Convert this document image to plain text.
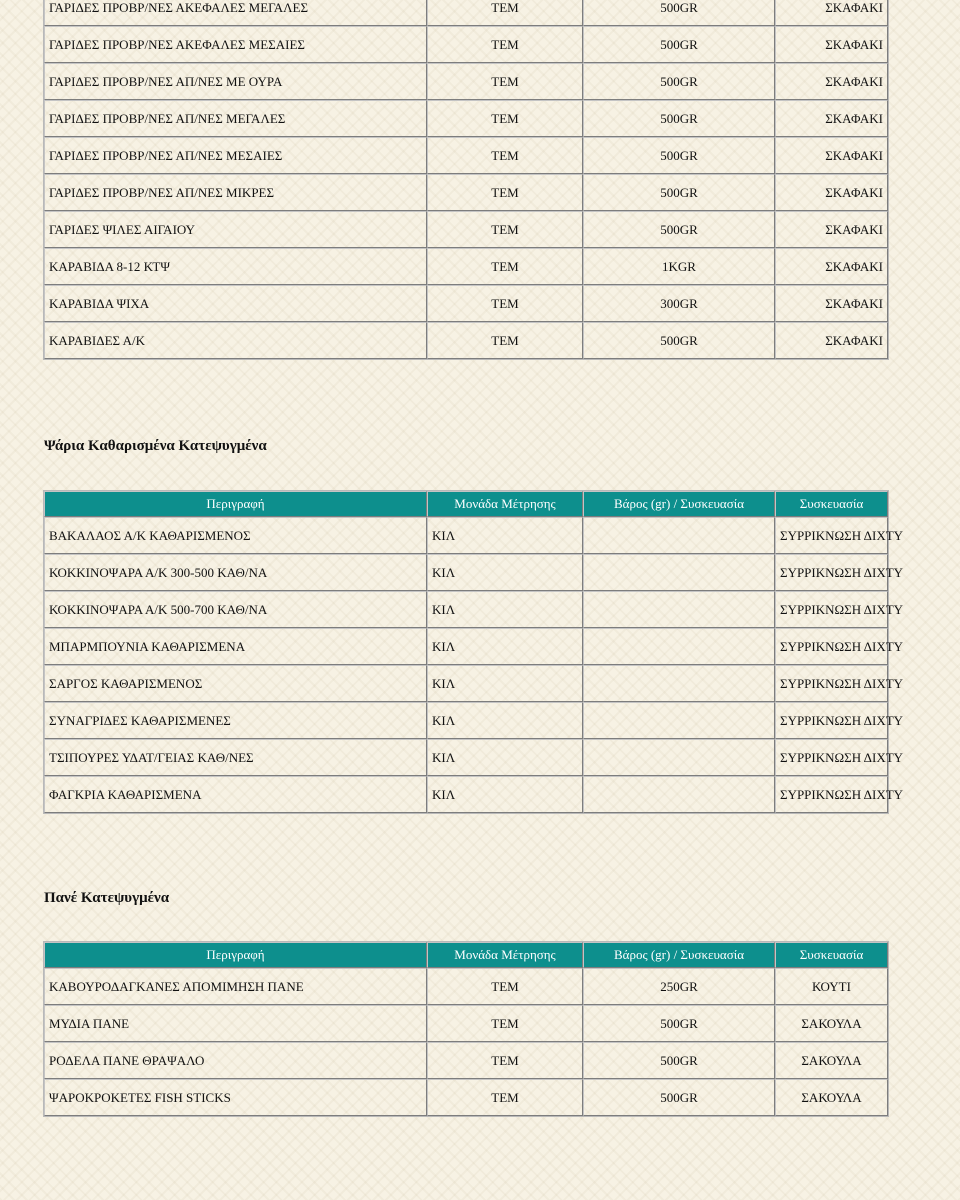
ΓΑΡΙΔΕΣ ΠΡΟΒΡ/ΝΕΣ ΑΚΕΦΑΛΕΣ ΜΕΓΑΛΕΣ	ΤΕΜ	500GR	ΣΚΑΦΑΚΙ
ΓΑΡΙΔΕΣ ΠΡΟΒΡ/ΝΕΣ ΑΚΕΦΑΛΕΣ ΜΕΣΑΙΕΣ	ΤΕΜ	500GR	ΣΚΑΦΑΚΙ
ΓΑΡΙΔΕΣ ΠΡΟΒΡ/ΝΕΣ ΑΠ/ΝΕΣ ΜΕ ΟΥΡΑ	ΤΕΜ	500GR	ΣΚΑΦΑΚΙ
ΓΑΡΙΔΕΣ ΠΡΟΒΡ/ΝΕΣ ΑΠ/ΝΕΣ ΜΕΓΑΛΕΣ	ΤΕΜ	500GR	ΣΚΑΦΑΚΙ
ΓΑΡΙΔΕΣ ΠΡΟΒΡ/ΝΕΣ ΑΠ/ΝΕΣ ΜΕΣΑΙΕΣ	ΤΕΜ	500GR	ΣΚΑΦΑΚΙ
ΓΑΡΙΔΕΣ ΠΡΟΒΡ/ΝΕΣ ΑΠ/ΝΕΣ ΜΙΚΡΕΣ	ΤΕΜ	500GR	ΣΚΑΦΑΚΙ
ΓΑΡΙΔΕΣ ΨΙΛΕΣ ΑΙΓΑΙΟΥ	ΤΕΜ	500GR	ΣΚΑΦΑΚΙ
ΚΑΡΑΒΙΔΑ 8-12 ΚΤΨ	ΤΕΜ	1KGR	ΣΚΑΦΑΚΙ
ΚΑΡΑΒΙΔΑ ΨΙΧΑ	ΤΕΜ	300GR	ΣΚΑΦΑΚΙ
ΚΑΡΑΒΙΔΕΣ Α/Κ	ΤΕΜ	500GR	ΣΚΑΦΑΚΙ
Ψάρια Καθαρισμένα Κατεψυγμένα
Περιγραφή	Μονάδα Μέτρησης	Βάρος (gr) / Συσκευασία	Συσκευασία
ΒΑΚΑΛΑΟΣ Α/Κ ΚΑΘΑΡΙΣΜΕΝΟΣ	ΚΙΛ		ΣΥΡΡΙΚΝΩΣΗ ΔΙΧΤΥ
ΚΟΚΚΙΝΟΨΑΡΑ Α/Κ 300-500 ΚΑΘ/ΝΑ	ΚΙΛ		ΣΥΡΡΙΚΝΩΣΗ ΔΙΧΤΥ
ΚΟΚΚΙΝΟΨΑΡΑ Α/Κ 500-700 ΚΑΘ/ΝΑ	ΚΙΛ		ΣΥΡΡΙΚΝΩΣΗ ΔΙΧΤΥ
ΜΠΑΡΜΠΟΥΝΙΑ ΚΑΘΑΡΙΣΜΕΝΑ	ΚΙΛ		ΣΥΡΡΙΚΝΩΣΗ ΔΙΧΤΥ
ΣΑΡΓΟΣ ΚΑΘΑΡΙΣΜΕΝΟΣ	ΚΙΛ		ΣΥΡΡΙΚΝΩΣΗ ΔΙΧΤΥ
ΣΥΝΑΓΡΙΔΕΣ ΚΑΘΑΡΙΣΜΕΝΕΣ	ΚΙΛ		ΣΥΡΡΙΚΝΩΣΗ ΔΙΧΤΥ
ΤΣΙΠΟΥΡΕΣ ΥΔΑΤ/ΓΕΙΑΣ ΚΑΘ/ΝΕΣ	ΚΙΛ		ΣΥΡΡΙΚΝΩΣΗ ΔΙΧΤΥ
ΦΑΓΚΡΙΑ ΚΑΘΑΡΙΣΜΕΝΑ	ΚΙΛ		ΣΥΡΡΙΚΝΩΣΗ ΔΙΧΤΥ
Πανέ Κατεψυγμένα
Περιγραφή	Μονάδα Μέτρησης	Βάρος (gr) / Συσκευασία	Συσκευασία
ΚΑΒΟΥΡΟΔΑΓΚΑΝΕΣ ΑΠΟΜΙΜΗΣΗ ΠΑΝΕ	ΤΕΜ	250GR	ΚΟΥΤΙ
ΜΥΔΙΑ ΠΑΝΕ	ΤΕΜ	500GR	ΣΑΚΟΥΛΑ
ΡΟΔΕΛΑ ΠΑΝΕ ΘΡΑΨΑΛΟ	ΤΕΜ	500GR	ΣΑΚΟΥΛΑ
ΨΑΡΟΚΡΟΚΕΤΕΣ FISH STICKS	ΤΕΜ	500GR	ΣΑΚΟΥΛΑ
